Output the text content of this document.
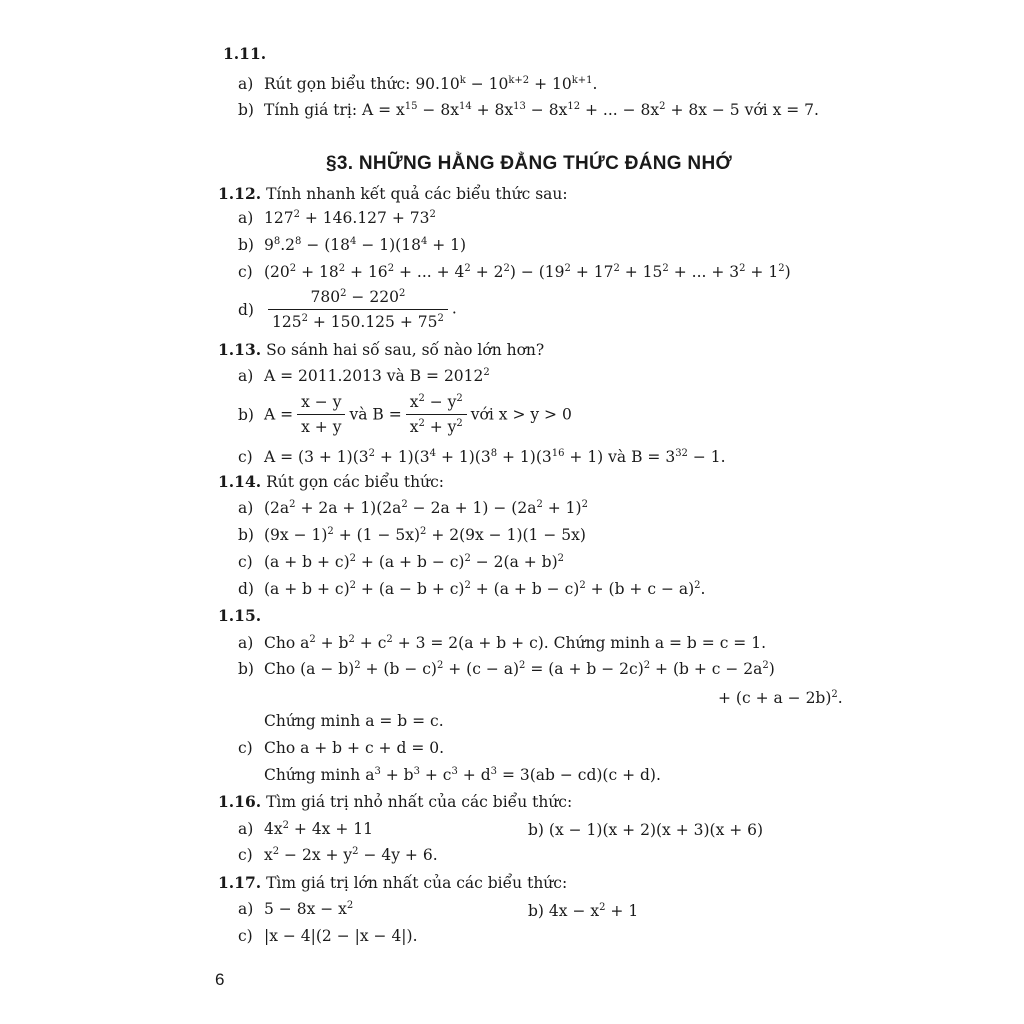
1.11.
a) Rút gọn biểu thức: $90.10^k - 10^{k+2} + 10^{k+1}$.
b) Tính giá trị: $A = x^{15} - 8x^{14} + 8x^{13} - 8x^{12}$ + ... − $8x^2 + 8x - 5$ với x = 7.
§3. NHỮNG HẰNG ĐẲNG THỨC ĐÁNG NHỚ
1.12. Tính nhanh kết quả các biểu thức sau:
a) $127^2 + 146.127 + 73^2$
b) $9^8.2^8 - (18^4 - 1)(18^4 + 1)$
c) ($20^2 + 18^2 + 16^2$ + ... + $4^2 + 2^2) - (19^2 + 17^2 + 15^2$ + ... + $3^2 + 1^2$)
$d) \frac{780^2 - 220^2}{125^2 + 150.125 + 75^2}$ .
1.13. So sánh hai số sau, số nào lớn hơn?
a) A = 2011.2013 và $B = 2012^2$
b) $A = \frac{x - y}{x + y}$ và $B = \frac{x^2 - y^2}{x^2 + y^2}$ với x > y > 0
c) $A = (3 + 1)(3^2 + 1)(3^4 + 1)(3^8 + 1)(3^{16} + 1)$ và $B = 3^{32} - 1$.
1.14. Rút gọn các biểu thức:
a) $(2a^2 + 2a + 1)(2a^2 - 2a + 1) - (2a^2 + 1)^2$
b) $(9x - 1)^2 + (1 - 5x)^2 + 2(9x - 1)(1 - 5x)$
c) $(a + b + c)^2 + (a + b - c)^2 - 2(a + b)^2$
d) $(a + b + c)^2 + (a - b + c)^2 + (a + b - c)^2 + (b + c - a)^2$.
1.15.
a) Cho $a^2 + b^2 + c^2 + 3 = 2(a + b + c)$. Chứng minh a = b = c = 1.
b) Cho $(a - b)^2 + (b - c)^2 + (c - a)^2 = (a + b - 2c)^2 + (b + c - 2a^2)$
+ $(c + a - 2b)^2$.
Chứng minh a = b = c.
c) Cho a + b + c + d = 0.
Chứng minh $a^3 + b^3 + c^3 + d^3 = 3(ab - cd)(c + d)$.
1.16. Tìm giá trị nhỏ nhất của các biểu thức:
a) $4x^2 + 4x + 11$	b) (x − 1)(x + 2)(x + 3)(x + 6)
c) $x^2 - 2x + y^2 - 4y + 6$.
1.17. Tìm giá trị lớn nhất của các biểu thức:
a) $5 - 8x - x^2$	b) $4x - x^2 + 1$
c) |x − 4|(2 − |x − 4|).
6
